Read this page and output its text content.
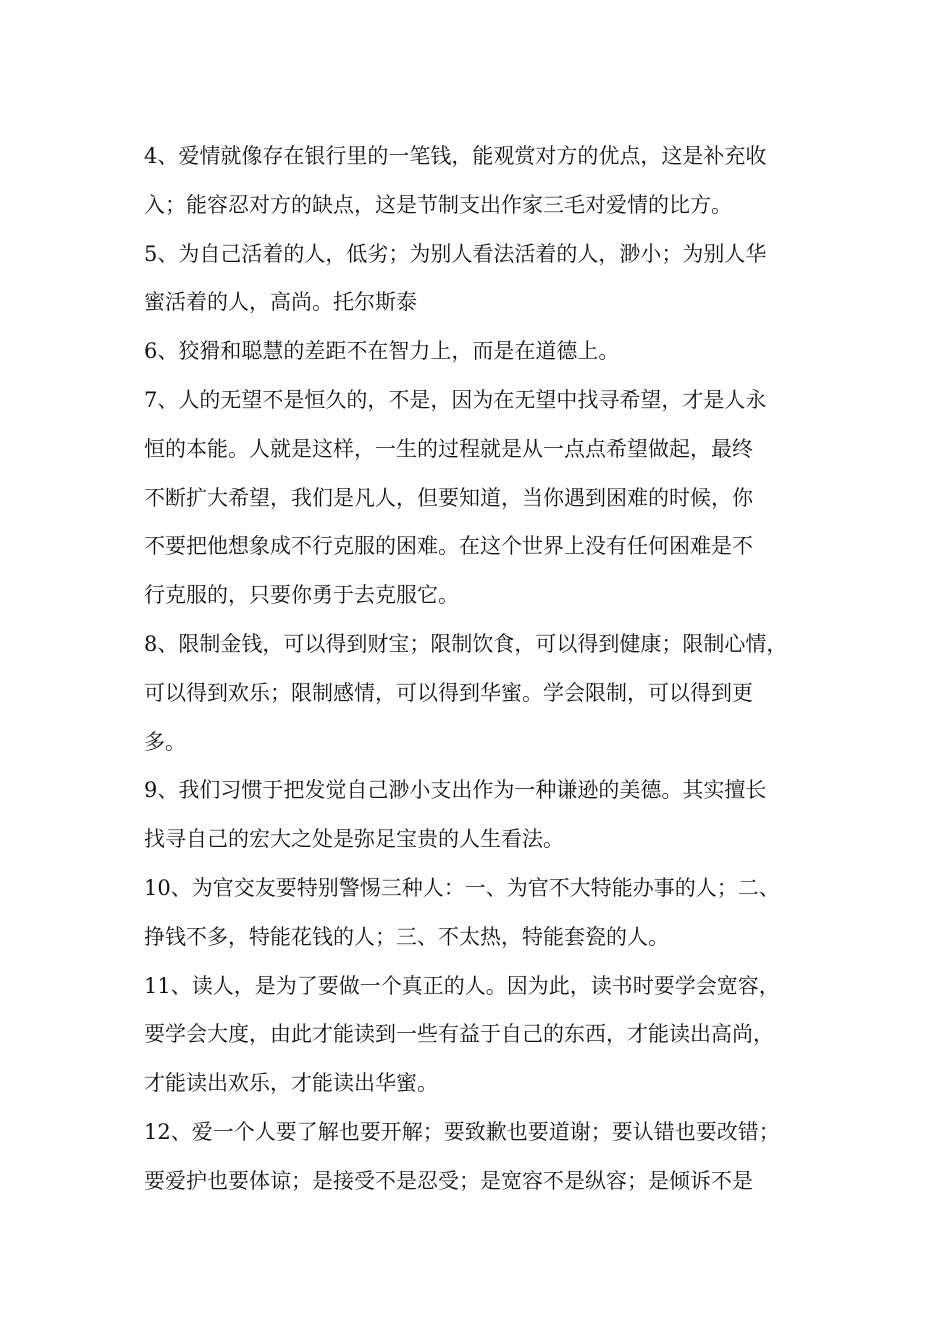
4、爱情就像存在银行里的一笔钱，能观赏对方的优点，这是补充收
入；能容忍对方的缺点，这是节制支出作家三毛对爱情的比方。
5、为自己活着的人，低劣；为别人看法活着的人，渺小；为别人华
蜜活着的人，高尚。托尔斯泰
6、狡猾和聪慧的差距不在智力上，而是在道德上。
7、人的无望不是恒久的，不是，因为在无望中找寻希望，才是人永
恒的本能。人就是这样，一生的过程就是从一点点希望做起，最终
不断扩大希望，我们是凡人，但要知道，当你遇到困难的时候，你
不要把他想象成不行克服的困难。在这个世界上没有任何困难是不
行克服的，只要你勇于去克服它。
8、限制金钱，可以得到财宝；限制饮食，可以得到健康；限制心情，
可以得到欢乐；限制感情，可以得到华蜜。学会限制，可以得到更
多。
9、我们习惯于把发觉自己渺小支出作为一种谦逊的美德。其实擅长
找寻自己的宏大之处是弥足宝贵的人生看法。
10、为官交友要特别警惕三种人：一、为官不大特能办事的人；二、
挣钱不多，特能花钱的人；三、不太热，特能套瓷的人。
11、读人，是为了要做一个真正的人。因为此，读书时要学会宽容，
要学会大度，由此才能读到一些有益于自己的东西，才能读出高尚，
才能读出欢乐，才能读出华蜜。
12、爱一个人要了解也要开解；要致歉也要道谢；要认错也要改错；
要爱护也要体谅；是接受不是忍受；是宽容不是纵容；是倾诉不是
